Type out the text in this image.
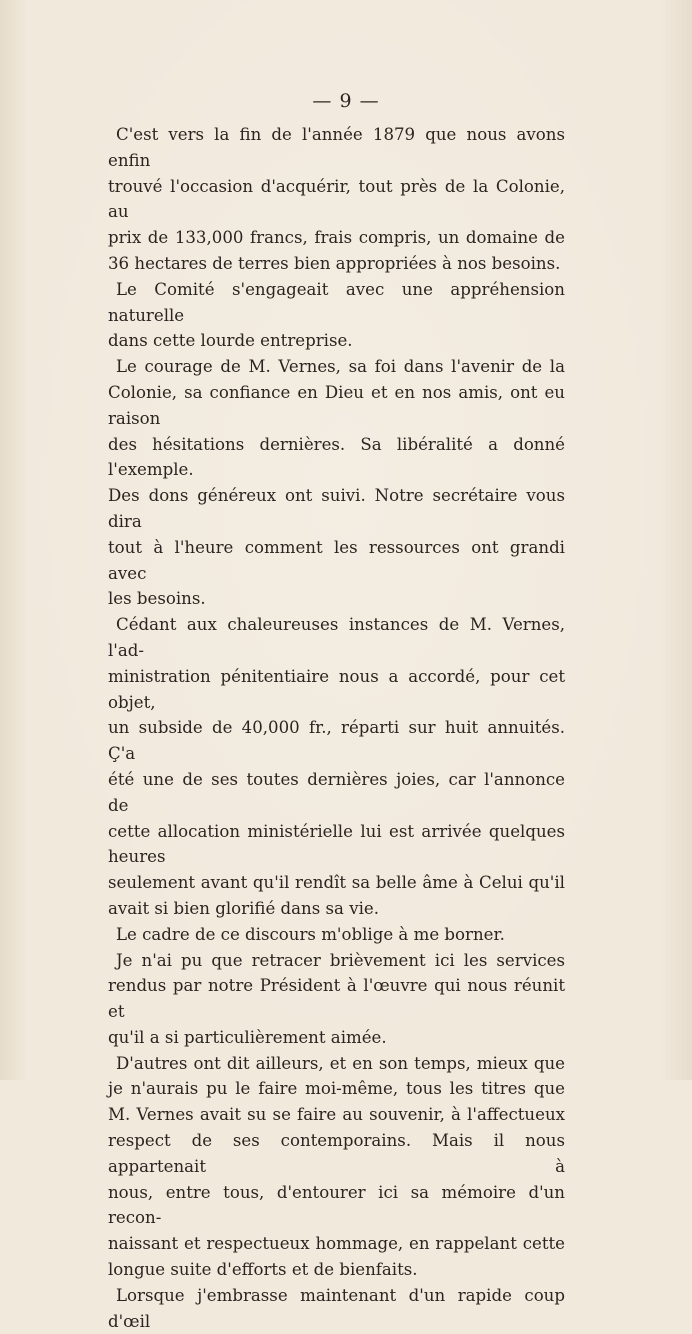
— 9 —

C'est vers la fin de l'année 1879 que nous avons enfin

trouvé l'occasion d'acquérir, tout près de la Colonie, au

prix de 133,000 francs, frais compris, un domaine de

36 hectares de terres bien appropriées à nos besoins.

Le Comité s'engageait avec une appréhension naturelle

dans cette lourde entreprise.

Le courage de M. Vernes, sa foi dans l'avenir de la

Colonie, sa confiance en Dieu et en nos amis, ont eu raison

des hésitations dernières. Sa libéralité a donné l'exemple.

Des dons généreux ont suivi. Notre secrétaire vous dira

tout à l'heure comment les ressources ont grandi avec

les besoins.

Cédant aux chaleureuses instances de M. Vernes, l'ad-

ministration pénitentiaire nous a accordé, pour cet objet,

un subside de 40,000 fr., réparti sur huit annuités. Ç'a

été une de ses toutes dernières joies, car l'annonce de

cette allocation ministérielle lui est arrivée quelques heures

seulement avant qu'il rendît sa belle âme à Celui qu'il

avait si bien glorifié dans sa vie.

Le cadre de ce discours m'oblige à me borner.

Je n'ai pu que retracer brièvement ici les services

rendus par notre Président à l'œuvre qui nous réunit et

qu'il a si particulièrement aimée.

D'autres ont dit ailleurs, et en son temps, mieux que

je n'aurais pu le faire moi-même, tous les titres que

M. Vernes avait su se faire au souvenir, à l'affectueux

respect de ses contemporains. Mais il nous appartenait à

nous, entre tous, d'entourer ici sa mémoire d'un recon-

naissant et respectueux hommage, en rappelant cette

longue suite d'efforts et de bienfaits.

Lorsque j'embrasse maintenant d'un rapide coup d'œil
